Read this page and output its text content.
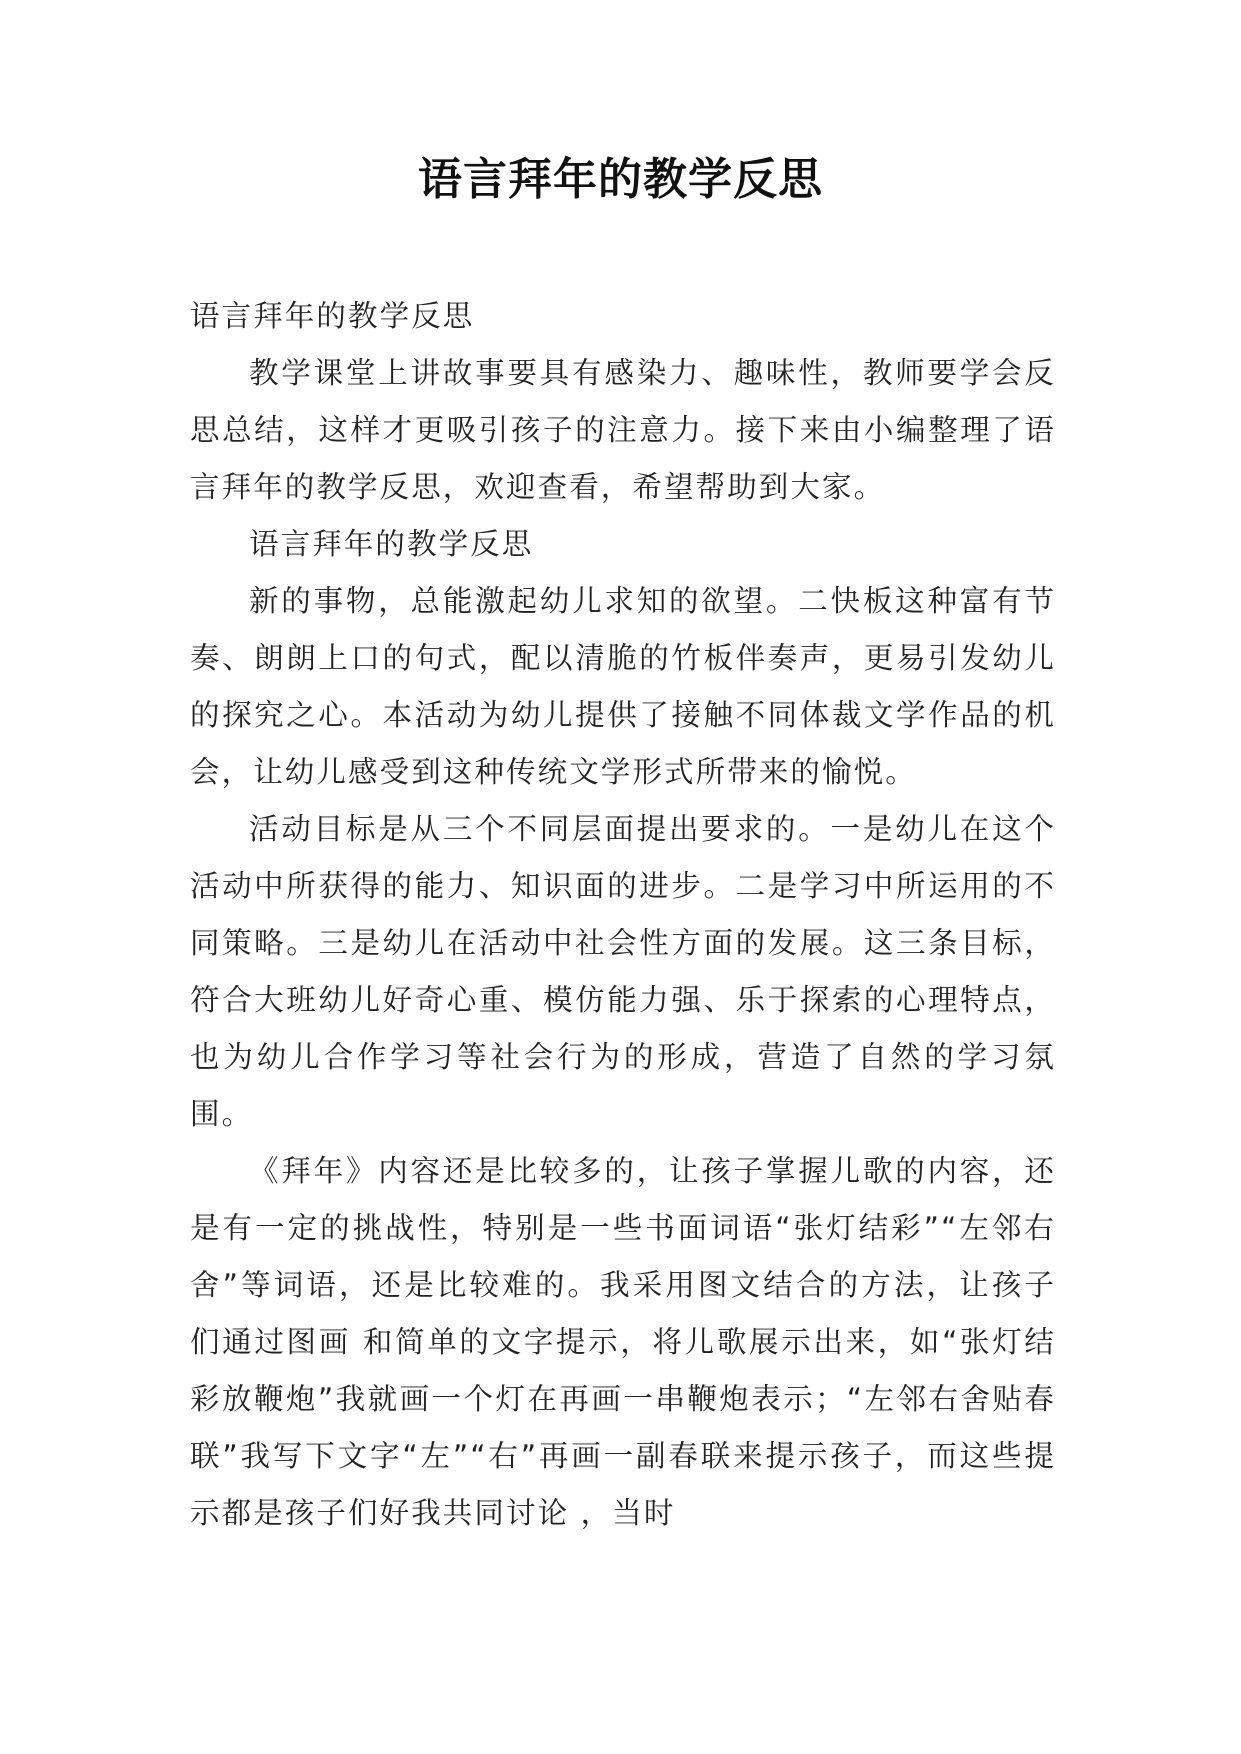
语言拜年的教学反思

语言拜年的教学反思

教学课堂上讲故事要具有感染力、趣味性，教师要学会反思总结，这样才更吸引孩子的注意力。接下来由小编整理了语言拜年的教学反思，欢迎查看，希望帮助到大家。

语言拜年的教学反思

新的事物，总能激起幼儿求知的欲望。二快板这种富有节奏、朗朗上口的句式，配以清脆的竹板伴奏声，更易引发幼儿的探究之心。本活动为幼儿提供了接触不同体裁文学作品的机会，让幼儿感受到这种传统文学形式所带来的愉悦。

活动目标是从三个不同层面提出要求的。一是幼儿在这个活动中所获得的能力、知识面的进步。二是学习中所运用的不同策略。三是幼儿在活动中社会性方面的发展。这三条目标，符合大班幼儿好奇心重、模仿能力强、乐于探索的心理特点，也为幼儿合作学习等社会行为的形成，营造了自然的学习氛围。

《拜年》内容还是比较多的，让孩子掌握儿歌的内容，还是有一定的挑战性，特别是一些书面词语“张灯结彩”“左邻右舍”等词语，还是比较难的。我采用图文结合的方法，让孩子们通过图画 和简单的文字提示，将儿歌展示出来，如“张灯结彩放鞭炮”我就画一个灯在再画一串鞭炮表示；“左邻右舍贴春联”我写下文字“左”“右”再画一副春联来提示孩子，而这些提示都是孩子们好我共同讨论 ，当时
